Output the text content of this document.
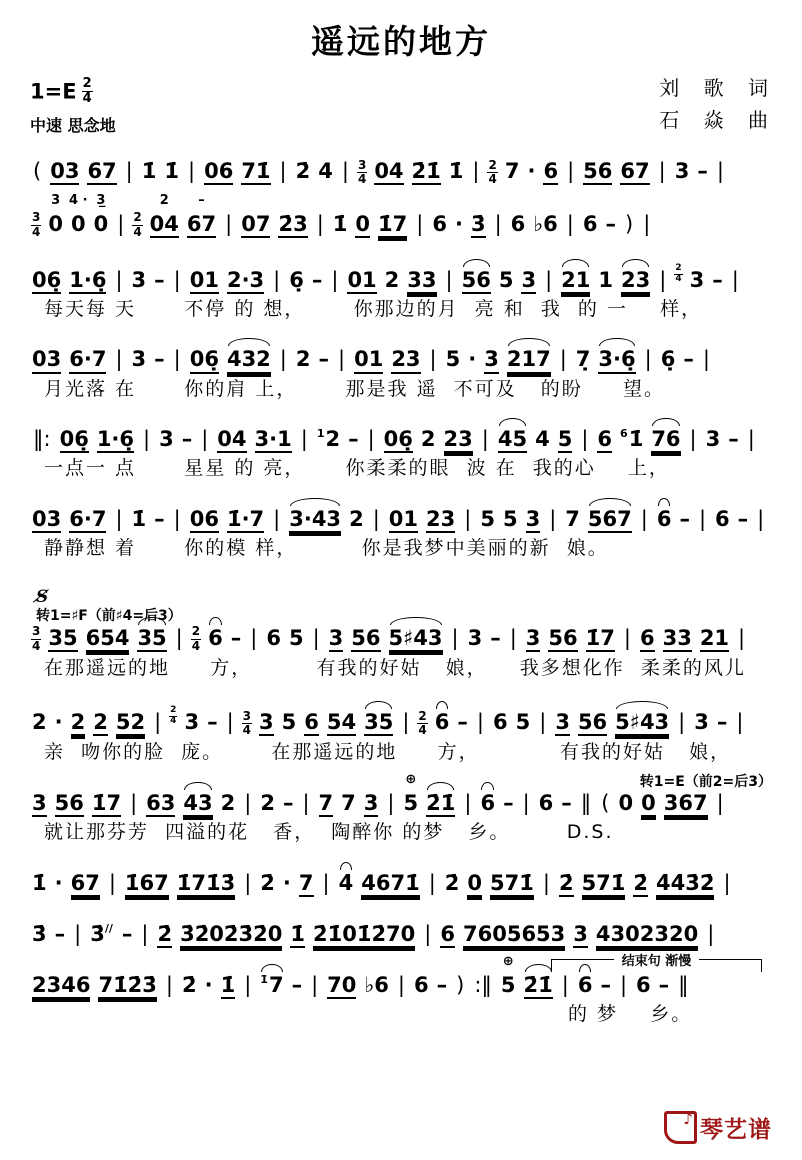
遥远的地方
$1=E \frac{2}{4}$
中速 思念地
刘 歌 词
石 焱 曲
( 03 67 | 1̇ 1̇ | 06 71̇ | 2̇ 4 | $\frac{3}{4} 04$ 2̇1̇ 1̇ | $\frac{2}{4} 7 \cdot 6$ | 56 67 | 3 – |
$\frac{3}{4} 0$
3
0
4 ·
0
3̲
| $\frac{2}{4} 04$
2
67
–
| 07 2̇3 | 1̇ 0 1̇7 | 6 · 3̇ | 6 ♭6 | 6 – ) |
06̣ 1·6̣ | 3 – | 01 2·3 | 6̣ – | 01 2 33 | 56 5 3 | 21 1 23 | $\frac{2}{4} 3$ – |
每天每 天      不停 的 想，      你那边的月  亮 和  我  的 一    样，
03 6·7 | 3 – | 06̣ 432 | 2 – | 01 23 | 5 · 3 217 | 7̣ 3·6̣ | 6̣ – |
月光落 在      你的肩 上，      那是我 遥  不可及   的盼     望。
‖: 06̣ 1·6̣ | 3 – | 04 3·1 | $^1$2 – | 06̣ 2 23 | 45 4 5 | 6 $^6$1̇ 76 | 3 – |
一点一 点      星星 的 亮，     你柔柔的眼  波 在  我的心    上，
03 6·7 | 1̇ – | 06 1̇·7 | 3·43 2 | 01 23 | 5 5 3 | 7 567 | 6 – | 6 – |
静静想 着      你的模 样，        你是我梦中美丽的新  娘。
S̸
转1=♯F（前♯4=后3）
$\frac{3}{4} 35$ 654 35 | $\frac{2}{4} 6$ – | 6 5 | 3 56 5♯43 | 3 – | 3 56 1̇7 | 6 33 21 |
在那遥远的地     方，        有我的好姑   娘，    我多想化作  柔柔的风儿
2 · 2 2 52 | $\frac{2}{4} 3$ – | $\frac{3}{4} 3$ 5 6 54 35 | $\frac{2}{4} 6$ – | 6 5 | 3 56 5♯43 | 3 – |
亲  吻你的脸  庞。      在那遥远的地     方，          有我的好姑   娘，
转1=E（前2=后3）
3 56 1̇7 | 63 43 2 | 2 – | 7 7 3 | 5
⊕
2̇1̇ | 6 – | 6 – ‖ ( 0 0 367 |
就让那芬芳  四溢的花   香，  陶醉你 的梦   乡。       D.S.
1̇ · 67 | 1̇67 1̇71̇3̇ | 2̇ · 7 | 4̇ 4671̇ | 2̇ 0 571̇ | 2̇ 571̇ 2̇ 4̇4̇3̇2̇ |
3̇ – | 3̇// – | 2̇ 3̇2̇02̇3̇2̇0 1̇ 2̇1̇01̇2̇70 | 6 7605653 3 4302320 |
结束句 渐慢
2346 71̇2̇3̇ | 2̇ · 1̇ | $^{1̇}$7 – | 70 ♭6 | 6 – ) :‖ 5
⊕
2̇1̇ | 6 – | 6 – ‖
的 梦    乡。
♪ 琴艺谱
